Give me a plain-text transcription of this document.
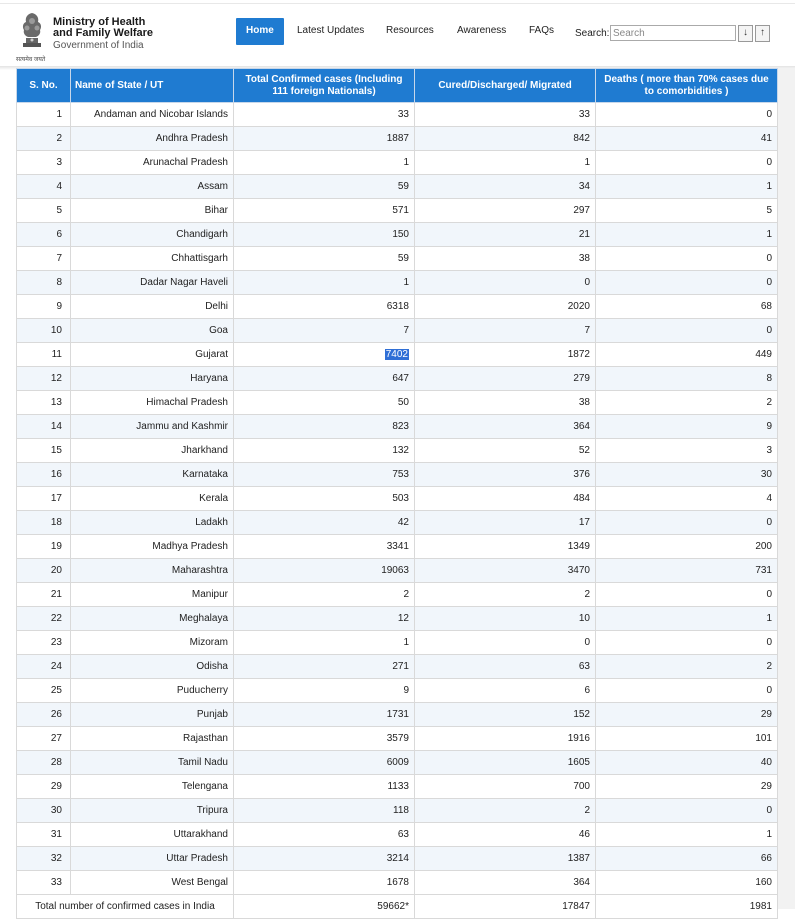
सत्यमेव जयते
Ministry of Health
and Family Welfare
Government of India
Home	Latest Updates Resources Awareness FAQs Search:
Search	↓	↑
S. No.	Name of State / UT	Total Confirmed cases (Including 111 foreign Nationals)	Cured/Discharged/ Migrated	Deaths ( more than 70% cases due to comorbidities )
1	Andaman and Nicobar Islands	33	33	0
2	Andhra Pradesh	1887	842	41
3	Arunachal Pradesh	1	1	0
4	Assam	59	34	1
5	Bihar	571	297	5
6	Chandigarh	150	21	1
7	Chhattisgarh	59	38	0
8	Dadar Nagar Haveli	1	0	0
9	Delhi	6318	2020	68
10	Goa	7	7	0
11	Gujarat	7402	1872	449
12	Haryana	647	279	8
13	Himachal Pradesh	50	38	2
14	Jammu and Kashmir	823	364	9
15	Jharkhand	132	52	3
16	Karnataka	753	376	30
17	Kerala	503	484	4
18	Ladakh	42	17	0
19	Madhya Pradesh	3341	1349	200
20	Maharashtra	19063	3470	731
21	Manipur	2	2	0
22	Meghalaya	12	10	1
23	Mizoram	1	0	0
24	Odisha	271	63	2
25	Puducherry	9	6	0
26	Punjab	1731	152	29
27	Rajasthan	3579	1916	101
28	Tamil Nadu	6009	1605	40
29	Telengana	1133	700	29
30	Tripura	118	2	0
31	Uttarakhand	63	46	1
32	Uttar Pradesh	3214	1387	66
33	West Bengal	1678	364	160
Total number of confirmed cases in India		59662*	17847	1981
